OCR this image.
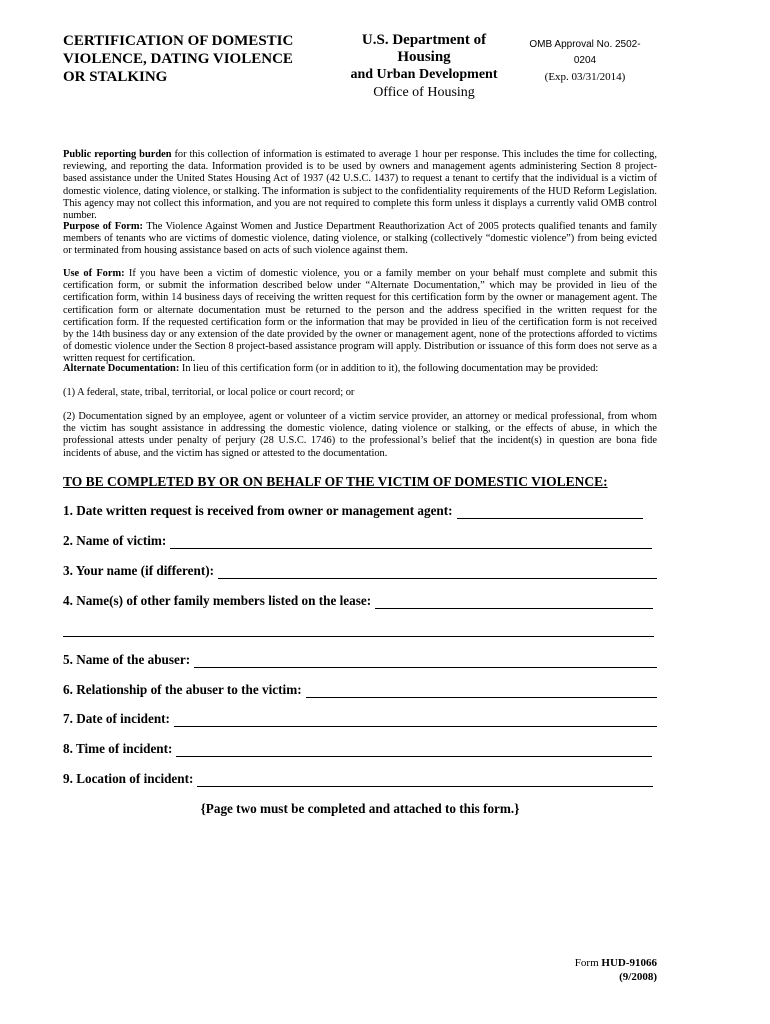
CERTIFICATION OF DOMESTIC
VIOLENCE, DATING VIOLENCE
OR STALKING
U.S. Department of Housing
and Urban Development
Office of Housing
OMB Approval No. 2502-0204
(Exp. 03/31/2014)
Public reporting burden for this collection of information is estimated to average 1 hour per response. This includes the time for collecting, reviewing, and reporting the data. Information provided is to be used by owners and management agents administering Section 8 project-based assistance under the United States Housing Act of 1937 (42 U.S.C. 1437) to request a tenant to certify that the individual is a victim of domestic violence, dating violence, or stalking. The information is subject to the confidentiality requirements of the HUD Reform Legislation. This agency may not collect this information, and you are not required to complete this form unless it displays a currently valid OMB control number.
Purpose of Form: The Violence Against Women and Justice Department Reauthorization Act of 2005 protects qualified tenants and family members of tenants who are victims of domestic violence, dating violence, or stalking (collectively “domestic violence”) from being evicted or terminated from housing assistance based on acts of such violence against them.
Use of Form: If you have been a victim of domestic violence, you or a family member on your behalf must complete and submit this certification form, or submit the information described below under “Alternate Documentation,” which may be provided in lieu of the certification form, within 14 business days of receiving the written request for this certification form by the owner or management agent. The certification form or alternate documentation must be returned to the person and the address specified in the written request for the certification form. If the requested certification form or the information that may be provided in lieu of the certification form is not received by the 14th business day or any extension of the date provided by the owner or management agent, none of the protections afforded to victims of domestic violence under the Section 8 project-based assistance program will apply. Distribution or issuance of this form does not serve as a written request for certification.
Alternate Documentation: In lieu of this certification form (or in addition to it), the following documentation may be provided:
(1) A federal, state, tribal, territorial, or local police or court record; or
(2) Documentation signed by an employee, agent or volunteer of a victim service provider, an attorney or medical professional, from whom the victim has sought assistance in addressing the domestic violence, dating violence or stalking, or the effects of abuse, in which the professional attests under penalty of perjury (28 U.S.C. 1746) to the professional’s belief that the incident(s) in question are bona fide incidents of abuse, and the victim has signed or attested to the documentation.
TO BE COMPLETED BY OR ON BEHALF OF THE VICTIM OF DOMESTIC VIOLENCE:
1. Date written request is received from owner or management agent:
2. Name of victim:
3. Your name (if different):
4. Name(s) of other family members listed on the lease:
5. Name of the abuser:
6. Relationship of the abuser to the victim:
7. Date of incident:
8. Time of incident:
9. Location of incident:
{Page two must be completed and attached to this form.}
Form HUD-91066
(9/2008)
